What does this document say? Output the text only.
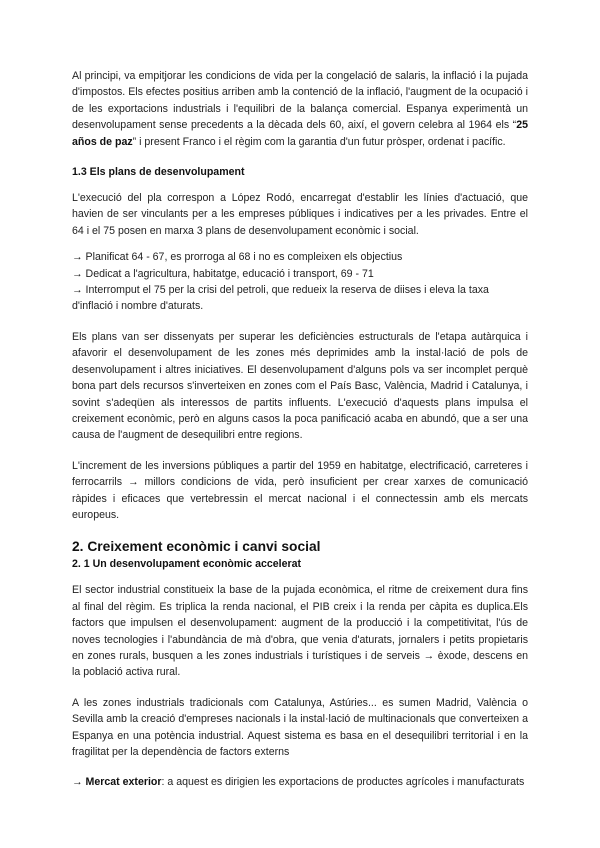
Al principi, va empitjorar les condicions de vida per la congelació de salaris, la inflació i la pujada d'impostos. Els efectes positius arriben amb la contenció de la inflació, l'augment de la ocupació i de les exportacions industrials i l'equilibri de la balança comercial. Espanya experimentà un desenvolupament sense precedents a la dècada dels 60, així, el govern celebra al 1964 els “25 años de paz” i present Franco i el règim com la garantia d'un futur pròsper, ordenat i pacífic.

1.3 Els plans de desenvolupament

L'execució del pla correspon a López Rodó, encarregat d'establir les línies d'actuació, que havien de ser vinculants per a les empreses públiques i indicatives per a les privades. Entre el 64 i el 75 posen en marxa 3 plans de desenvolupament econòmic i social.

→ Planificat 64 - 67, es prorroga al 68 i no es compleixen els objectius

→ Dedicat a l'agricultura, habitatge, educació i transport, 69 - 71

→ Interromput el 75 per la crisi del petroli, que redueix la reserva de diises i eleva la taxa d'inflació i nombre d'aturats.

Els plans van ser dissenyats per superar les deficiències estructurals de l'etapa autàrquica i afavorir el desenvolupament de les zones més deprimides amb la instal·lació de pols de desenvolupament i altres iniciatives. El desenvolupament d'alguns pols va ser incomplet perquè bona part dels recursos s'inverteixen en zones com el País Basc, València, Madrid i Catalunya, i sovint s'adeqüen als interessos de partits influents. L'execució d'aquests plans impulsa el creixement econòmic, però en alguns casos la poca panificació acaba en abundó, que a ser una causa de l'augment de desequilibri entre regions.

L'increment de les inversions públiques a partir del 1959 en habitatge, electrificació, carreteres i ferrocarrils → millors condicions de vida, però insuficient per crear xarxes de comunicació ràpides i eficaces que vertebressin el mercat nacional i el connectessin amb els mercats europeus.

2. Creixement econòmic i canvi social
2. 1 Un desenvolupament econòmic accelerat

El sector industrial constitueix la base de la pujada econòmica, el ritme de creixement dura fins al final del règim. Es triplica la renda nacional, el PIB creix i la renda per càpita es duplica.Els factors que impulsen el desenvolupament: augment de la producció i la competitivitat, l'ús de noves tecnologies i l'abundància de mà d'obra, que venia d'aturats, jornalers i petits propietaris en zones rurals, busquen a les zones industrials i turístiques i de serveis → èxode, descens en la població activa rural.

A les zones industrials tradicionals com Catalunya, Astúries... es sumen Madrid, València o Sevilla amb la creació d'empreses nacionals i la instal·lació de multinacionals que converteixen a Espanya en una potència industrial. Aquest sistema es basa en el desequilibri territorial i en la fragilitat per la dependència de factors externs

→ Mercat exterior: a aquest es dirigien les exportacions de productes agrícoles i manufacturats
